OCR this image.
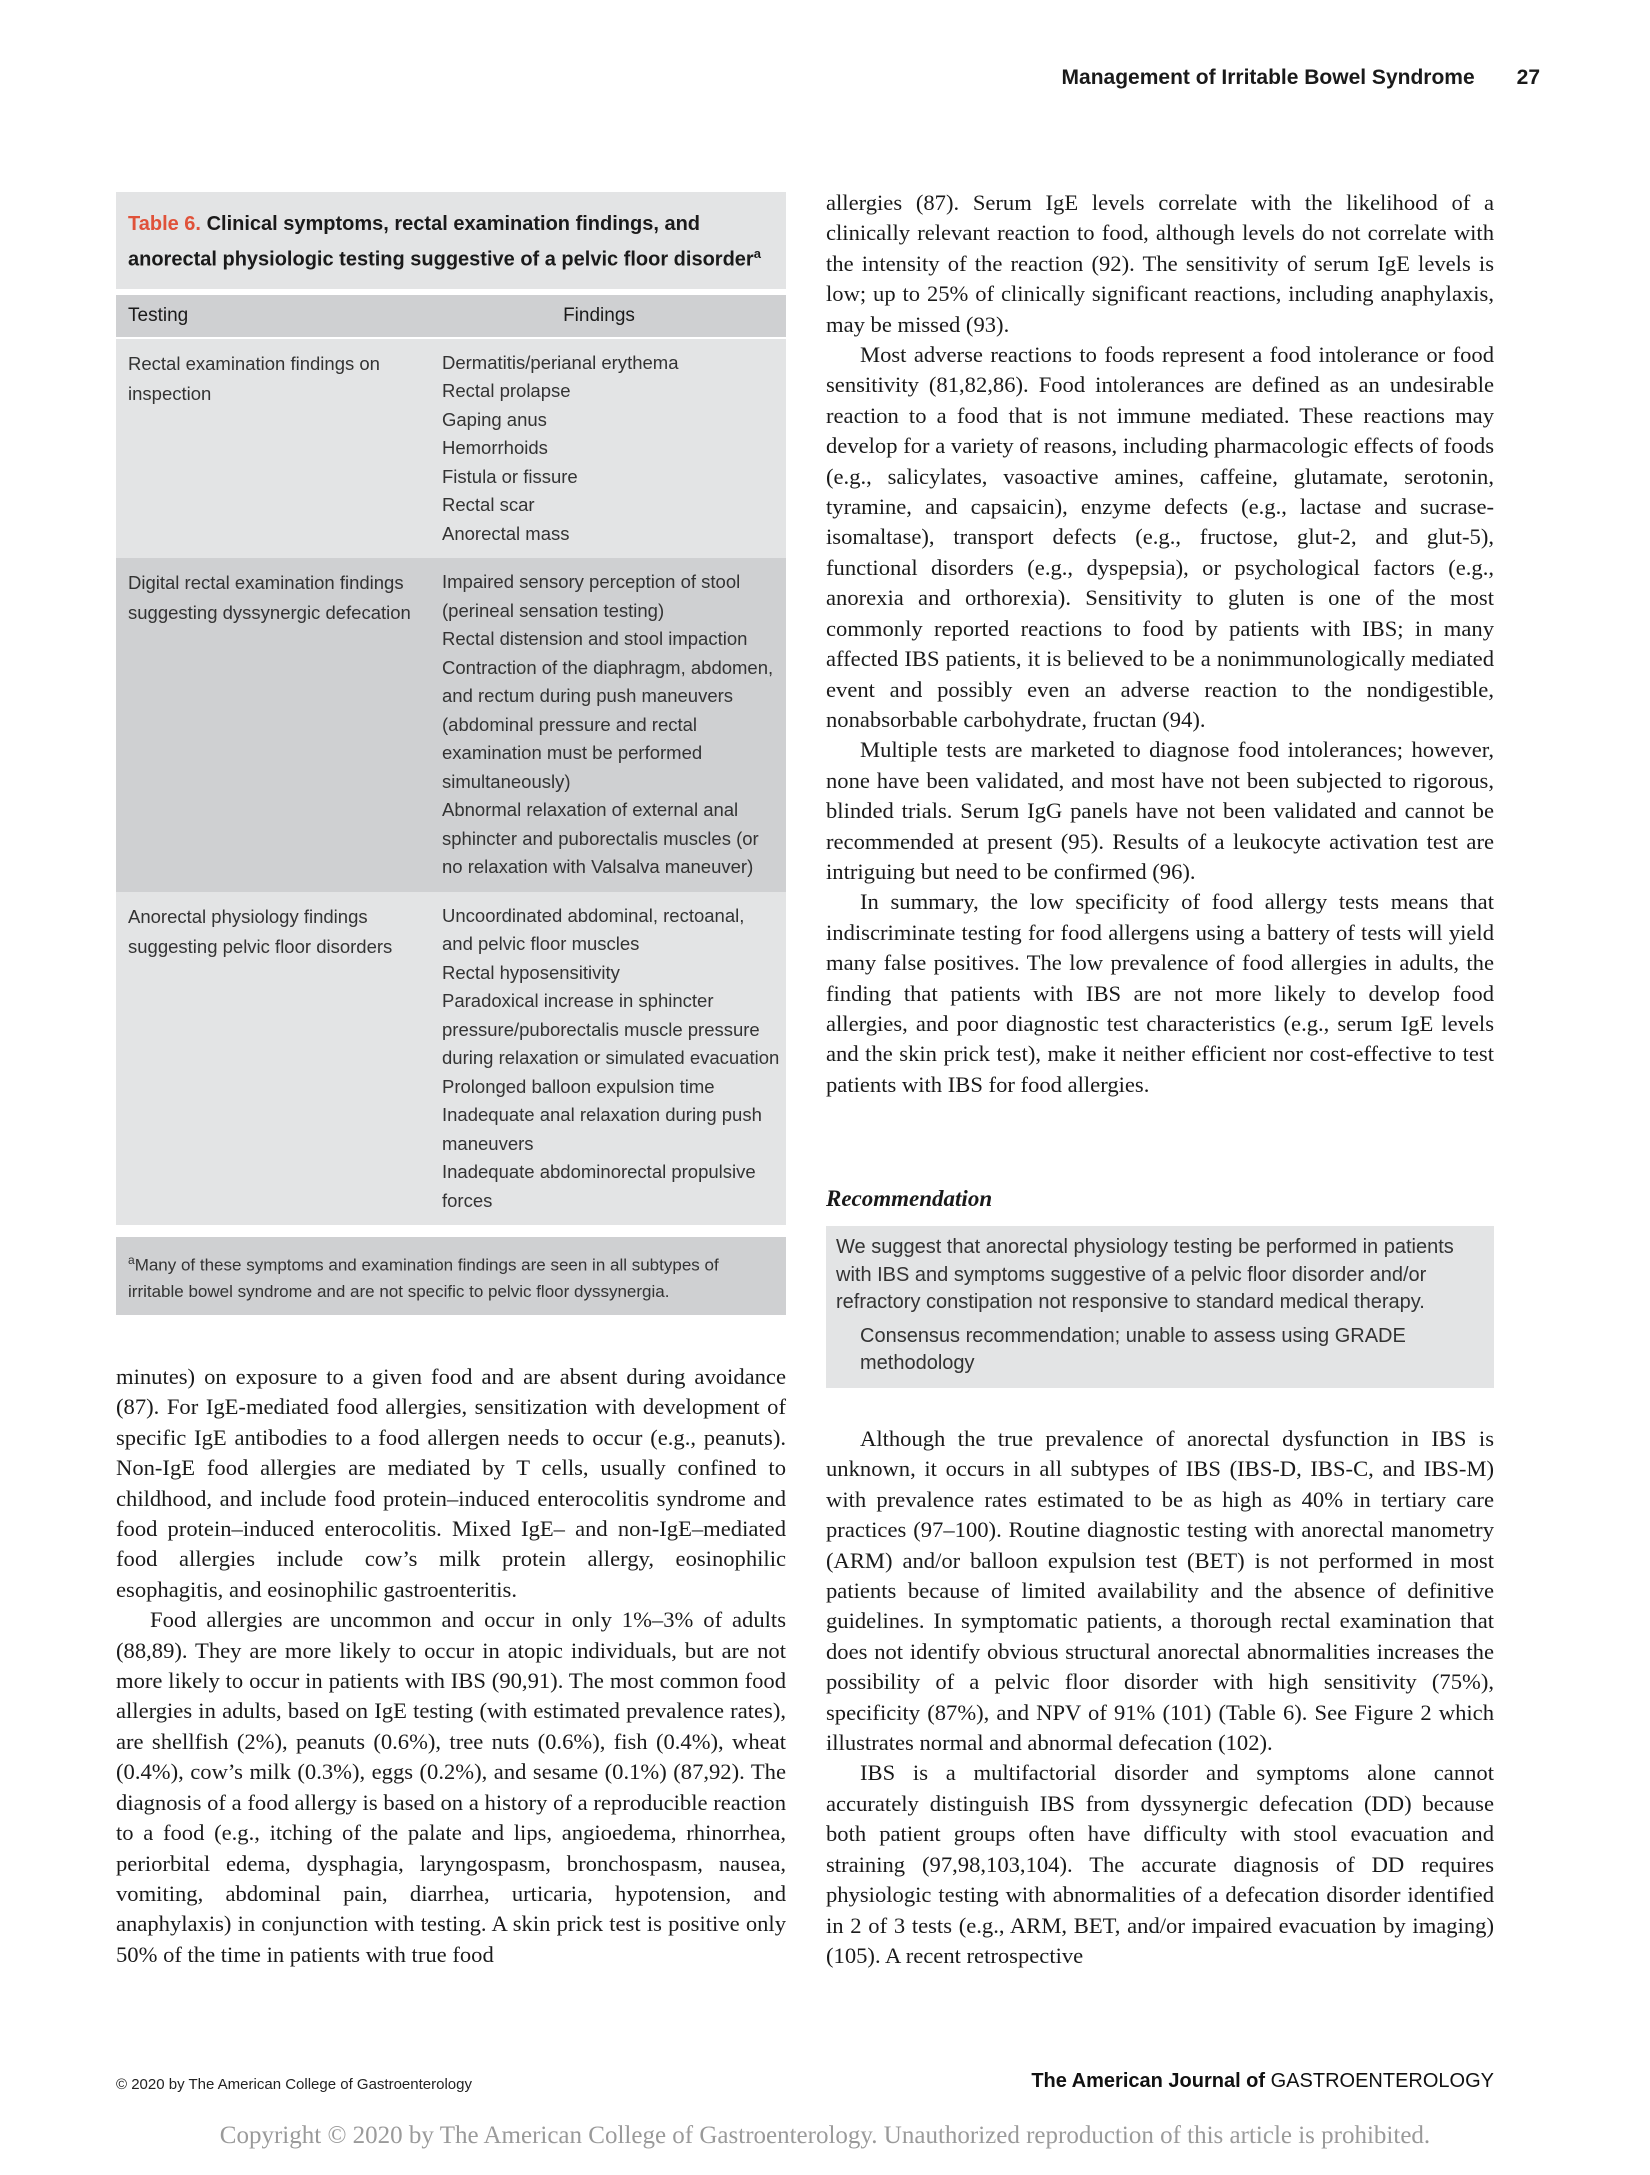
Management of Irritable Bowel Syndrome 27
Table 6. Clinical symptoms, rectal examination findings, and anorectal physiologic testing suggestive of a pelvic floor disorder$^a$
Testing	Findings
Rectal examination findings on inspection
Dermatitis/perianal erythema
Rectal prolapse
Gaping anus
Hemorrhoids
Fistula or fissure
Rectal scar
Anorectal mass
Digital rectal examination findings suggesting dyssynergic defecation
Impaired sensory perception of stool (perineal sensation testing)
Rectal distension and stool impaction
Contraction of the diaphragm, abdomen, and rectum during push maneuvers (abdominal pressure and rectal examination must be performed simultaneously)
Abnormal relaxation of external anal sphincter and puborectalis muscles (or no relaxation with Valsalva maneuver)
Anorectal physiology findings suggesting pelvic floor disorders
Uncoordinated abdominal, rectoanal, and pelvic floor muscles
Rectal hyposensitivity
Paradoxical increase in sphincter pressure/puborectalis muscle pressure during relaxation or simulated evacuation
Prolonged balloon expulsion time
Inadequate anal relaxation during push maneuvers
Inadequate abdominorectal propulsive forces
$^a$Many of these symptoms and examination findings are seen in all subtypes of irritable bowel syndrome and are not specific to pelvic floor dyssynergia.

minutes) on exposure to a given food and are absent during avoidance (87). For IgE-mediated food allergies, sensitization with development of specific IgE antibodies to a food allergen needs to occur (e.g., peanuts). Non-IgE food allergies are mediated by T cells, usually confined to childhood, and include food protein–induced enterocolitis syndrome and food protein–induced enterocolitis. Mixed IgE– and non-IgE–mediated food allergies include cow’s milk protein allergy, eosinophilic esophagitis, and eosinophilic gastroenteritis.

Food allergies are uncommon and occur in only 1%–3% of adults (88,89). They are more likely to occur in atopic individuals, but are not more likely to occur in patients with IBS (90,91). The most common food allergies in adults, based on IgE testing (with estimated prevalence rates), are shellfish (2%), peanuts (0.6%), tree nuts (0.6%), fish (0.4%), wheat (0.4%), cow’s milk (0.3%), eggs (0.2%), and sesame (0.1%) (87,92). The diagnosis of a food allergy is based on a history of a reproducible reaction to a food (e.g., itching of the palate and lips, angioedema, rhinorrhea, periorbital edema, dysphagia, laryngospasm, bronchospasm, nausea, vomiting, abdominal pain, diarrhea, urticaria, hypotension, and anaphylaxis) in conjunction with testing. A skin prick test is positive only 50% of the time in patients with true food

allergies (87). Serum IgE levels correlate with the likelihood of a clinically relevant reaction to food, although levels do not correlate with the intensity of the reaction (92). The sensitivity of serum IgE levels is low; up to 25% of clinically significant reactions, including anaphylaxis, may be missed (93).

Most adverse reactions to foods represent a food intolerance or food sensitivity (81,82,86). Food intolerances are defined as an undesirable reaction to a food that is not immune mediated. These reactions may develop for a variety of reasons, including pharmacologic effects of foods (e.g., salicylates, vasoactive amines, caffeine, glutamate, serotonin, tyramine, and capsaicin), enzyme defects (e.g., lactase and sucrase-isomaltase), transport defects (e.g., fructose, glut-2, and glut-5), functional disorders (e.g., dyspepsia), or psychological factors (e.g., anorexia and orthorexia). Sensitivity to gluten is one of the most commonly reported reactions to food by patients with IBS; in many affected IBS patients, it is believed to be a nonimmunologically mediated event and possibly even an adverse reaction to the nondigestible, nonabsorbable carbohydrate, fructan (94).

Multiple tests are marketed to diagnose food intolerances; however, none have been validated, and most have not been subjected to rigorous, blinded trials. Serum IgG panels have not been validated and cannot be recommended at present (95). Results of a leukocyte activation test are intriguing but need to be confirmed (96).

In summary, the low specificity of food allergy tests means that indiscriminate testing for food allergens using a battery of tests will yield many false positives. The low prevalence of food allergies in adults, the finding that patients with IBS are not more likely to develop food allergies, and poor diagnostic test characteristics (e.g., serum IgE levels and the skin prick test), make it neither efficient nor cost-effective to test patients with IBS for food allergies.

Recommendation
We suggest that anorectal physiology testing be performed in patients with IBS and symptoms suggestive of a pelvic floor disorder and/or refractory constipation not responsive to standard medical therapy.
Consensus recommendation; unable to assess using GRADE methodology

Although the true prevalence of anorectal dysfunction in IBS is unknown, it occurs in all subtypes of IBS (IBS-D, IBS-C, and IBS-M) with prevalence rates estimated to be as high as 40% in tertiary care practices (97–100). Routine diagnostic testing with anorectal manometry (ARM) and/or balloon expulsion test (BET) is not performed in most patients because of limited availability and the absence of definitive guidelines. In symptomatic patients, a thorough rectal examination that does not identify obvious structural anorectal abnormalities increases the possibility of a pelvic floor disorder with high sensitivity (75%), specificity (87%), and NPV of 91% (101) (Table 6). See Figure 2 which illustrates normal and abnormal defecation (102).

IBS is a multifactorial disorder and symptoms alone cannot accurately distinguish IBS from dyssynergic defecation (DD) because both patient groups often have difficulty with stool evacuation and straining (97,98,103,104). The accurate diagnosis of DD requires physiologic testing with abnormalities of a defecation disorder identified in 2 of 3 tests (e.g., ARM, BET, and/or impaired evacuation by imaging) (105). A recent retrospective

© 2020 by The American College of Gastroenterology	The American Journal of GASTROENTEROLOGY
Copyright © 2020 by The American College of Gastroenterology. Unauthorized reproduction of this article is prohibited.
